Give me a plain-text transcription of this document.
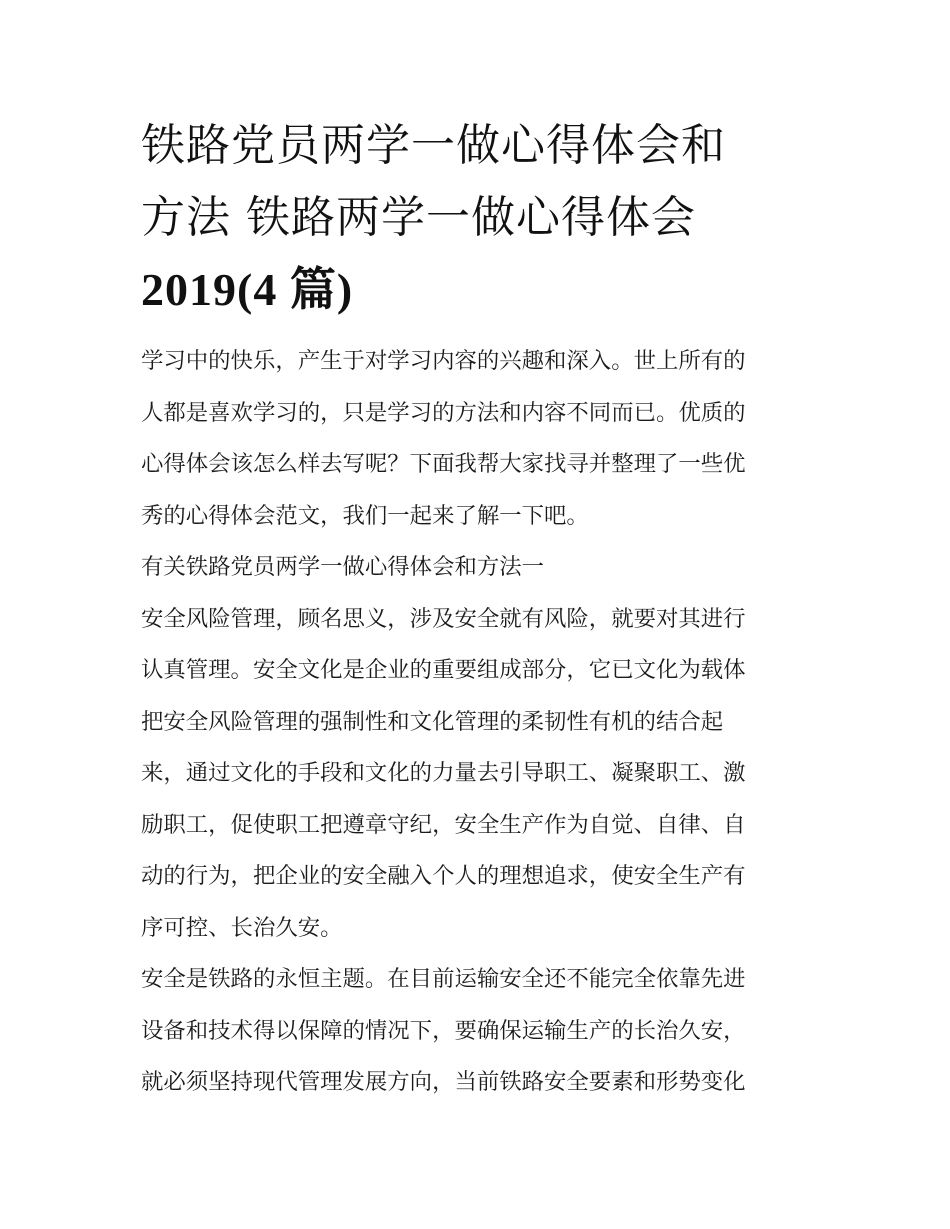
铁路党员两学一做心得体会和
方法 铁路两学一做心得体会
2019(4 篇)
学习中的快乐，产生于对学习内容的兴趣和深入。世上所有的
人都是喜欢学习的，只是学习的方法和内容不同而已。优质的
心得体会该怎么样去写呢？下面我帮大家找寻并整理了一些优
秀的心得体会范文，我们一起来了解一下吧。
有关铁路党员两学一做心得体会和方法一
安全风险管理，顾名思义，涉及安全就有风险，就要对其进行
认真管理。安全文化是企业的重要组成部分，它已文化为载体
把安全风险管理的强制性和文化管理的柔韧性有机的结合起
来，通过文化的手段和文化的力量去引导职工、凝聚职工、激
励职工，促使职工把遵章守纪，安全生产作为自觉、自律、自
动的行为，把企业的安全融入个人的理想追求，使安全生产有
序可控、长治久安。
安全是铁路的永恒主题。在目前运输安全还不能完全依靠先进
设备和技术得以保障的情况下，要确保运输生产的长治久安，
就必须坚持现代管理发展方向，当前铁路安全要素和形势变化
